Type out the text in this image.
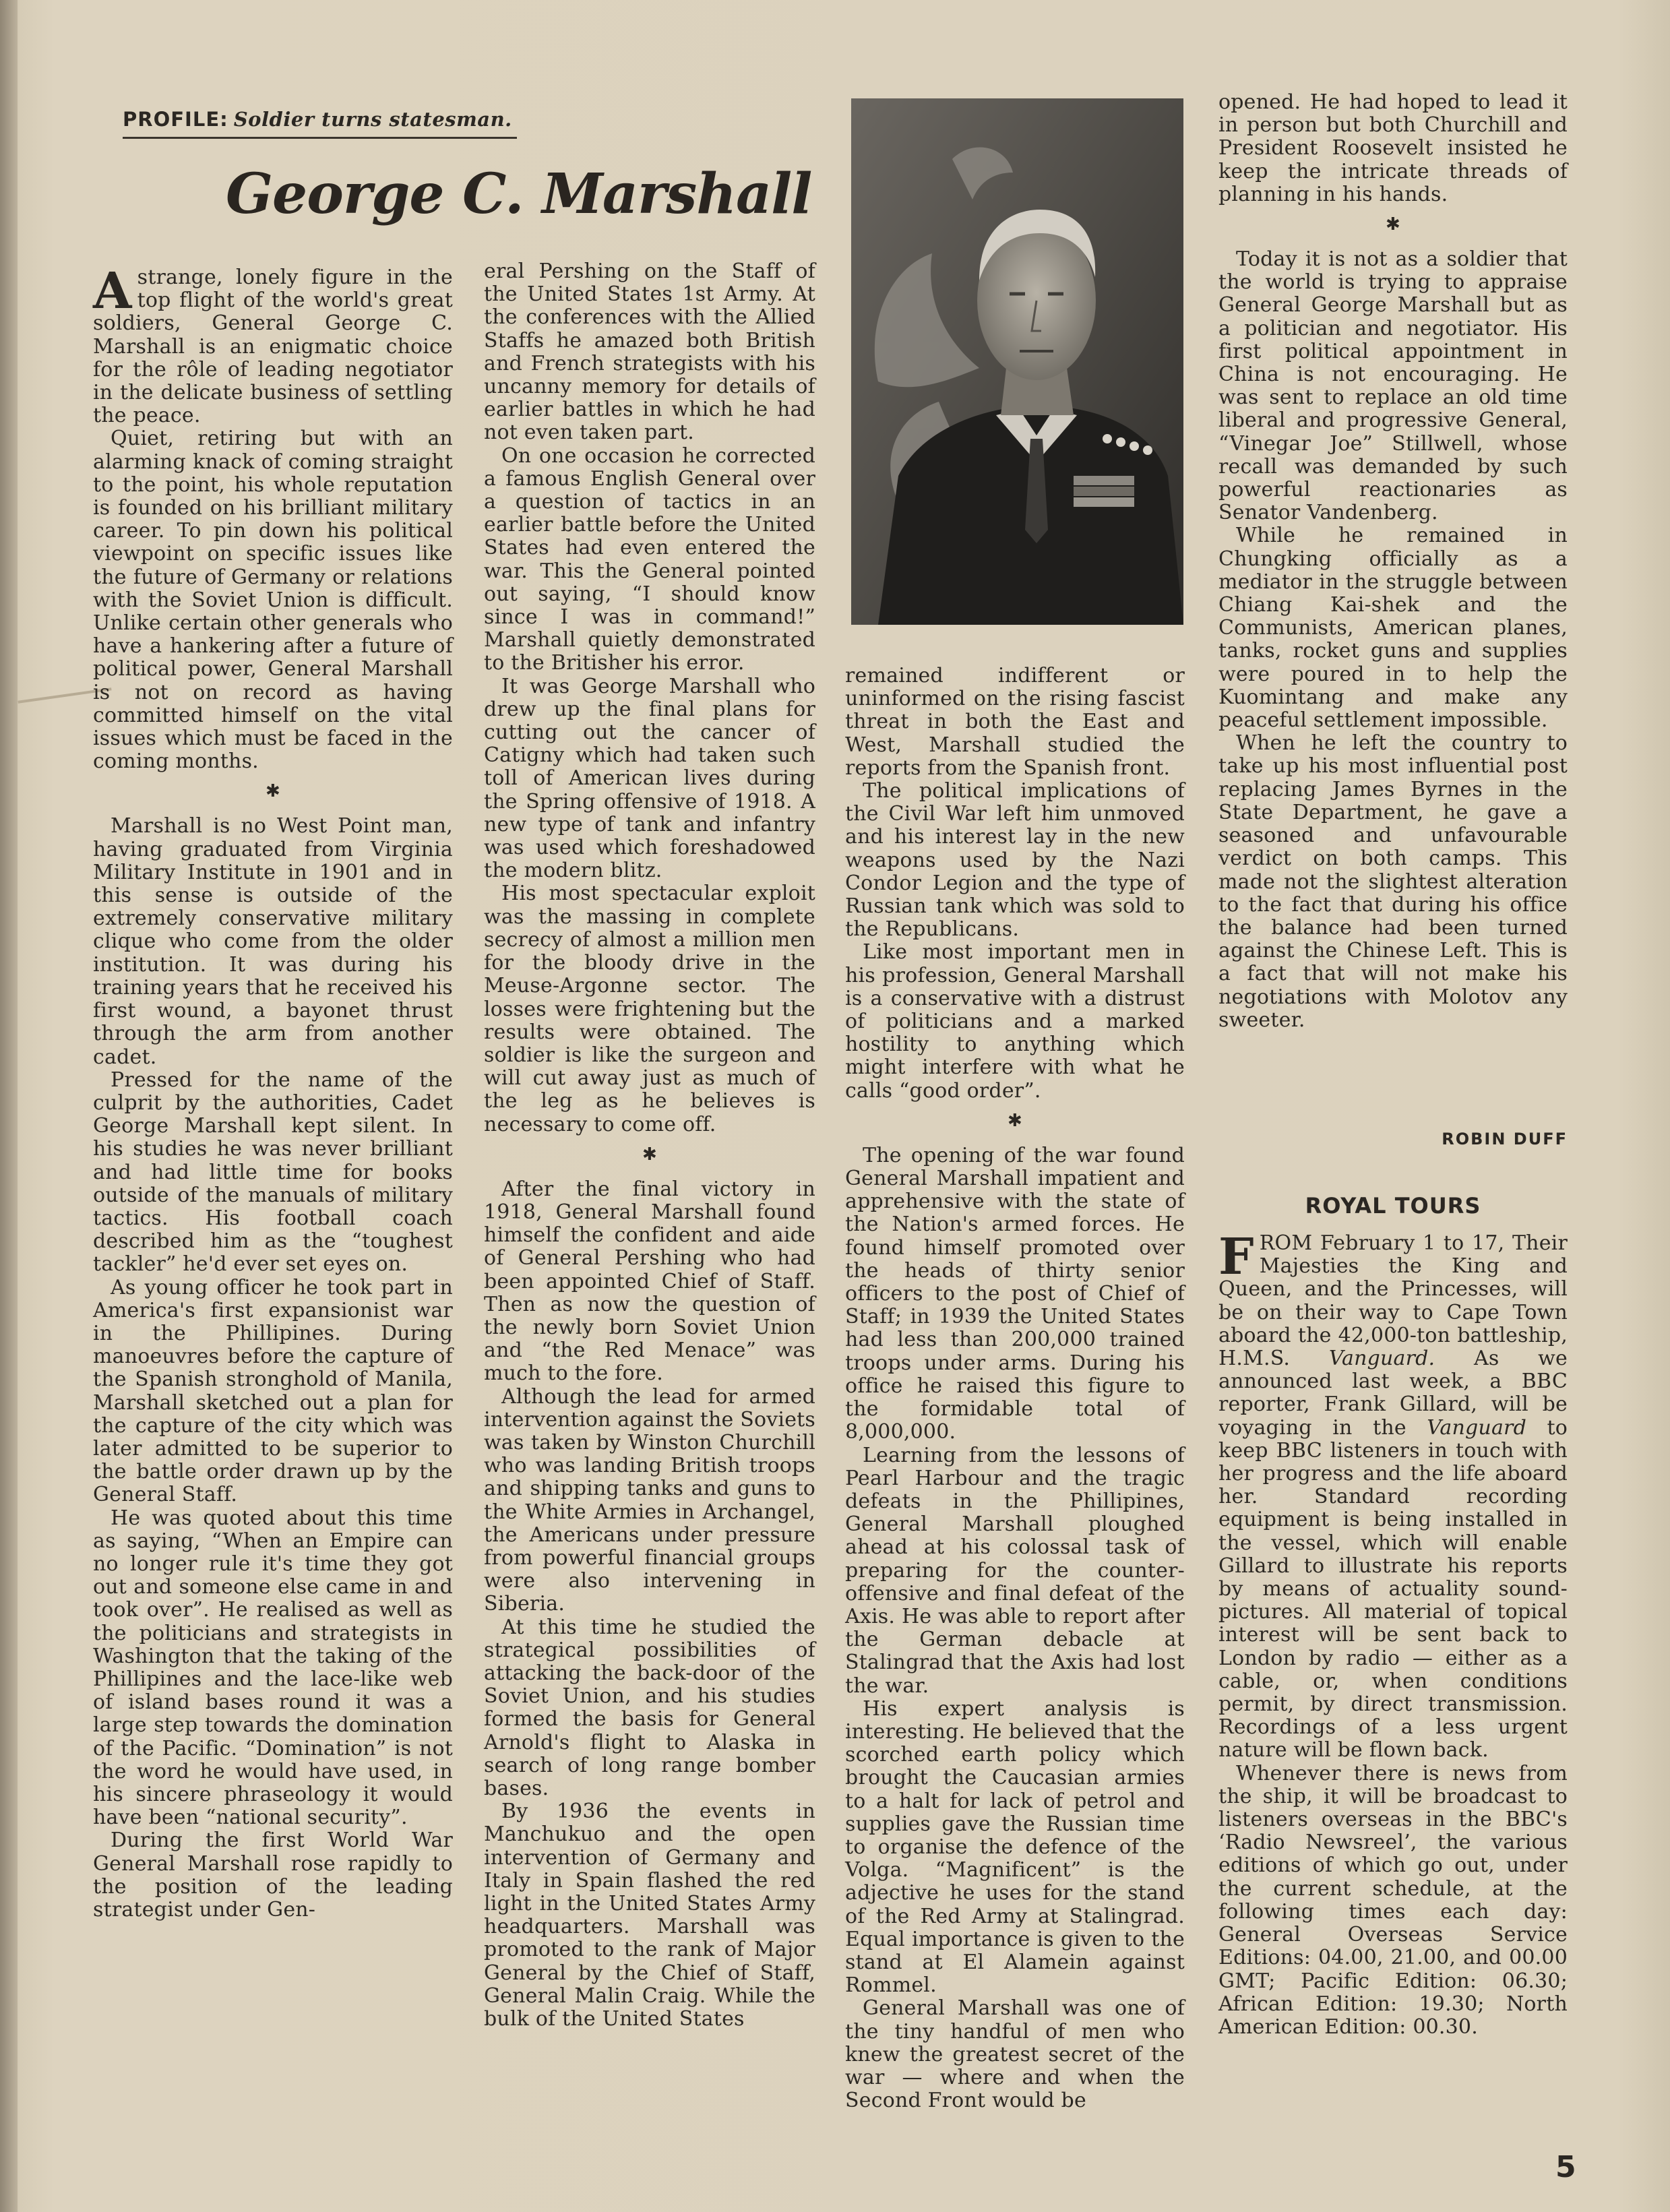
PROFILE: Soldier turns statesman.
George C. Marshall

Astrange, lonely figure in the top flight of the world's great soldiers, General George C. Marshall is an enigmatic choice for the rôle of leading negotiator in the delicate business of settling the peace.

Quiet, retiring but with an alarming knack of coming straight to the point, his whole reputation is founded on his brilliant military career. To pin down his political viewpoint on specific issues like the future of Germany or relations with the Soviet Union is difficult. Unlike certain other generals who have a hankering after a future of political power, General Marshall is not on record as having committed himself on the vital issues which must be faced in the coming months.

✱

Marshall is no West Point man, having graduated from Virginia Military Institute in 1901 and in this sense is outside of the extremely conservative military clique who come from the older institution. It was during his training years that he received his first wound, a bayonet thrust through the arm from another cadet.

Pressed for the name of the culprit by the authorities, Cadet George Marshall kept silent. In his studies he was never brilliant and had little time for books outside of the manuals of military tactics. His football coach described him as the “toughest tackler” he'd ever set eyes on.

As young officer he took part in America's first expansionist war in the Phillipines. During manoeuvres before the capture of the Spanish stronghold of Manila, Marshall sketched out a plan for the capture of the city which was later admitted to be superior to the battle order drawn up by the General Staff.

He was quoted about this time as saying, “When an Empire can no longer rule it's time they got out and someone else came in and took over”. He realised as well as the politicians and strategists in Washington that the taking of the Phillipines and the lace-like web of island bases round it was a large step towards the domination of the Pacific. “Domination” is not the word he would have used, in his sincere phraseology it would have been “national security”.

During the first World War General Marshall rose rapidly to the position of the leading strategist under Gen-

eral Pershing on the Staff of the United States 1st Army. At the conferences with the Allied Staffs he amazed both British and French strategists with his uncanny memory for details of earlier battles in which he had not even taken part.

On one occasion he corrected a famous English General over a question of tactics in an earlier battle before the United States had even entered the war. This the General pointed out saying, “I should know since I was in command!” Marshall quietly demonstrated to the Britisher his error.

It was George Marshall who drew up the final plans for cutting out the cancer of Catigny which had taken such toll of American lives during the Spring offensive of 1918. A new type of tank and infantry was used which foreshadowed the modern blitz.

His most spectacular exploit was the massing in complete secrecy of almost a million men for the bloody drive in the Meuse-Argonne sector. The losses were frightening but the results were obtained. The soldier is like the surgeon and will cut away just as much of the leg as he believes is necessary to come off.

✱

After the final victory in 1918, General Marshall found himself the confident and aide of General Pershing who had been appointed Chief of Staff. Then as now the question of the newly born Soviet Union and “the Red Menace” was much to the fore.

Although the lead for armed intervention against the Soviets was taken by Winston Churchill who was landing British troops and shipping tanks and guns to the White Armies in Archangel, the Americans under pressure from powerful financial groups were also intervening in Siberia.

At this time he studied the strategical possibilities of attacking the back-door of the Soviet Union, and his studies formed the basis for General Arnold's flight to Alaska in search of long range bomber bases.

By 1936 the events in Manchukuo and the open intervention of Germany and Italy in Spain flashed the red light in the United States Army headquarters. Marshall was promoted to the rank of Major General by the Chief of Staff, General Malin Craig. While the bulk of the United States

remained indifferent or uninformed on the rising fascist threat in both the East and West, Marshall studied the reports from the Spanish front.

The political implications of the Civil War left him unmoved and his interest lay in the new weapons used by the Nazi Condor Legion and the type of Russian tank which was sold to the Republicans.

Like most important men in his profession, General Marshall is a conservative with a distrust of politicians and a marked hostility to anything which might interfere with what he calls “good order”.

✱

The opening of the war found General Marshall impatient and apprehensive with the state of the Nation's armed forces. He found himself promoted over the heads of thirty senior officers to the post of Chief of Staff; in 1939 the United States had less than 200,000 trained troops under arms. During his office he raised this figure to the formidable total of 8,000,000.

Learning from the lessons of Pearl Harbour and the tragic defeats in the Phillipines, General Marshall ploughed ahead at his colossal task of preparing for the counter-offensive and final defeat of the Axis. He was able to report after the German debacle at Stalingrad that the Axis had lost the war.

His expert analysis is interesting. He believed that the scorched earth policy which brought the Caucasian armies to a halt for lack of petrol and supplies gave the Russian time to organise the defence of the Volga. “Magnificent” is the adjective he uses for the stand of the Red Army at Stalingrad. Equal importance is given to the stand at El Alamein against Rommel.

General Marshall was one of the tiny handful of men who knew the greatest secret of the war — where and when the Second Front would be

opened. He had hoped to lead it in person but both Churchill and President Roosevelt insisted he keep the intricate threads of planning in his hands.

✱

Today it is not as a soldier that the world is trying to appraise General George Marshall but as a politician and negotiator. His first political appointment in China is not encouraging. He was sent to replace an old time liberal and progressive General, “Vinegar Joe” Stillwell, whose recall was demanded by such powerful reactionaries as Senator Vandenberg.

While he remained in Chungking officially as a mediator in the struggle between Chiang Kai-shek and the Communists, American planes, tanks, rocket guns and supplies were poured in to help the Kuomintang and make any peaceful settlement impossible.

When he left the country to take up his most influential post replacing James Byrnes in the State Department, he gave a seasoned and unfavourable verdict on both camps. This made not the slightest alteration to the fact that during his office the balance had been turned against the Chinese Left. This is a fact that will not make his negotiations with Molotov any sweeter.

ROBIN DUFF
ROYAL TOURS

FROM February 1 to 17, Their Majesties the King and Queen, and the Princesses, will be on their way to Cape Town aboard the 42,000-ton battleship, H.M.S. Vanguard. As we announced last week, a BBC reporter, Frank Gillard, will be voyaging in the Vanguard to keep BBC listeners in touch with her progress and the life aboard her. Standard recording equipment is being installed in the vessel, which will enable Gillard to illustrate his reports by means of actuality sound-pictures. All material of topical interest will be sent back to London by radio — either as a cable, or, when conditions permit, by direct transmission. Recordings of a less urgent nature will be flown back.

Whenever there is news from the ship, it will be broadcast to listeners overseas in the BBC's ‘Radio Newsreel’, the various editions of which go out, under the current schedule, at the following times each day: General Overseas Service Editions: 04.00, 21.00, and 00.00 GMT; Pacific Edition: 06.30; African Edition: 19.30; North American Edition: 00.30.

5
